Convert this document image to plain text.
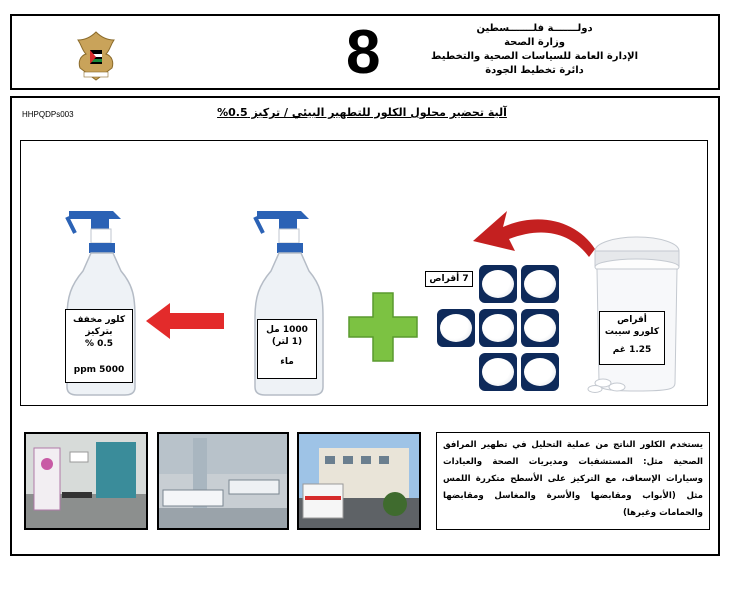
8	دولـــــــة فلـــــــسطين
وزارة الصحة
الإدارة العامة للسياسات الصحية والتخطيط
دائرة تخطيط الجودة
HHPQDPs003	آلية تحضير محلول الكلور للتطهير البيئي / تركيز 0.5%
كلور مخفف
بتركيز
0.5 %
5000 ppm
1000 مل
(1 لتر)
ماء
7 أقراص
أقراص
كلورو سيبت
1.25 غم
يستخدم الكلور الناتج من عملية التحليل في تطهير المرافق الصحية مثل: المستشفيات ومديريات الصحة والعيادات وسيارات الإسعاف، مع التركيز على الأسطح متكررة اللمس مثل (الأبواب ومقابضها والأسرة والمغاسل ومقابضها والحمامات وغيرها)
